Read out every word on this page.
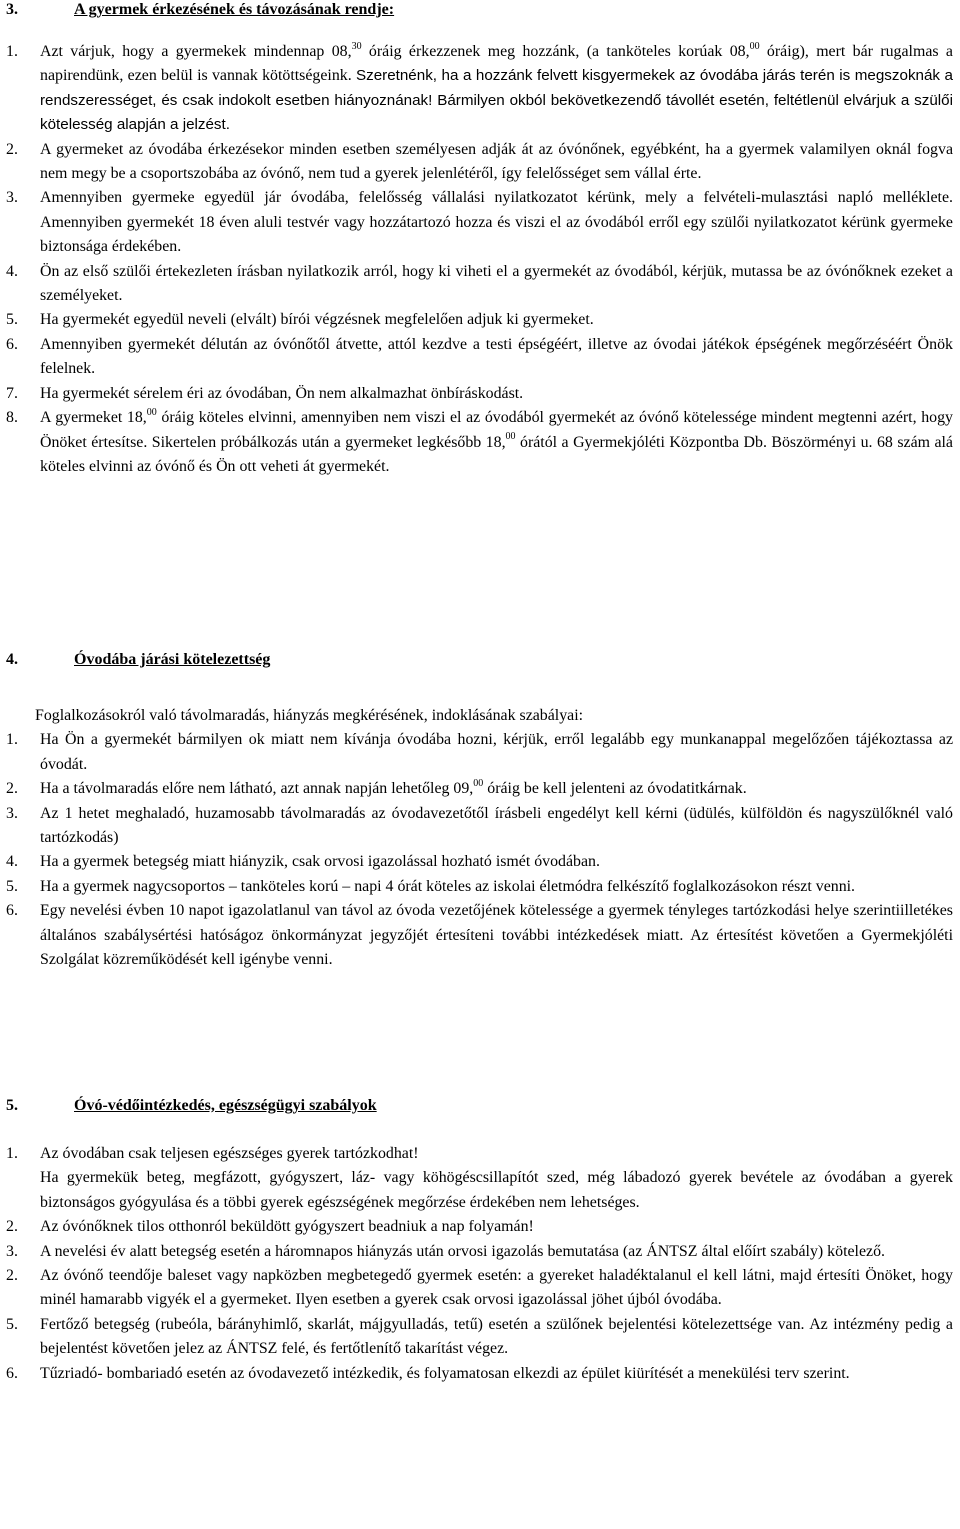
3.	A gyermek érkezésének és távozásának rendje:
1.	Azt várjuk, hogy a gyermekek mindennap 08,30 óráig érkezzenek meg hozzánk, (a tanköteles korúak 08,00 óráig), mert bár rugalmas a napirendünk, ezen belül is vannak kötöttségeink. Szeretnénk, ha a hozzánk felvett kisgyermekek az óvodába járás terén is megszoknák a rendszerességet, és csak indokolt esetben hiányoznának! Bármilyen okból bekövetkezendő távollét esetén, feltétlenül elvárjuk a szülői kötelesség alapján a jelzést.
2.	A gyermeket az óvodába érkezésekor minden esetben személyesen adják át az óvónőnek, egyébként, ha a gyermek valamilyen oknál fogva nem megy be a csoportszobába az óvónő, nem tud a gyerek jelenlétéről, így felelősséget sem vállal érte.
3.	Amennyiben gyermeke egyedül jár óvodába, felelősség vállalási nyilatkozatot kérünk, mely a felvételi-mulasztási napló melléklete. Amennyiben gyermekét 18 éven aluli testvér vagy hozzátartozó hozza és viszi el az óvodából erről egy szülői nyilatkozatot kérünk gyermeke biztonsága érdekében.
4.	Ön az első szülői értekezleten írásban nyilatkozik arról, hogy ki viheti el a gyermekét az óvodából, kérjük, mutassa be az óvónőknek ezeket a személyeket.
5.	Ha gyermekét egyedül neveli (elvált) bírói végzésnek megfelelően adjuk ki gyermeket.
6.	Amennyiben gyermekét délután az óvónőtől átvette, attól kezdve a testi épségéért, illetve az óvodai játékok épségének megőrzéséért Önök felelnek.
7.	Ha gyermekét sérelem éri az óvodában, Ön nem alkalmazhat önbíráskodást.
8.	A gyermeket 18,00 óráig köteles elvinni, amennyiben nem viszi el az óvodából gyermekét az óvónő kötelessége mindent megtenni azért, hogy Önöket értesítse. Sikertelen próbálkozás után a gyermeket legkésőbb 18,00 órától a Gyermekjóléti Központba Db. Böszörményi u. 68 szám alá köteles elvinni az óvónő és Ön ott veheti át gyermekét.
4.	Óvodába járási kötelezettség
Foglalkozásokról való távolmaradás, hiányzás megkérésének, indoklásának szabályai:
1.	Ha Ön a gyermekét bármilyen ok miatt nem kívánja óvodába hozni, kérjük, erről legalább egy munkanappal megelőzően tájékoztassa az óvodát.
2.	Ha a távolmaradás előre nem látható, azt annak napján lehetőleg 09,00 óráig be kell jelenteni az óvodatitkárnak.
3.	Az 1 hetet meghaladó, huzamosabb távolmaradás az óvodavezetőtől írásbeli engedélyt kell kérni (üdülés, külföldön és nagyszülőknél való tartózkodás)
4.	Ha a gyermek betegség miatt hiányzik, csak orvosi igazolással hozható ismét óvodában.
5.	Ha a gyermek nagycsoportos – tanköteles korú – napi 4 órát köteles az iskolai életmódra felkészítő foglalkozásokon részt venni.
6.	Egy nevelési évben 10 napot igazolatlanul van távol az óvoda vezetőjének kötelessége a gyermek tényleges tartózkodási helye szerintiilletékes általános szabálysértési hatóságoz önkormányzat jegyzőjét értesíteni további intézkedések miatt. Az értesítést követően a Gyermekjóléti Szolgálat közreműködését kell igénybe venni.
5.	Óvó-védőintézkedés, egészségügyi szabályok
1.	Az óvodában csak teljesen egészséges gyerek tartózkodhat!
Ha gyermekük beteg, megfázott, gyógyszert, láz- vagy köhögéscsillapítót szed, még lábadozó gyerek bevétele az óvodában a gyerek biztonságos gyógyulása és a többi gyerek egészségének megőrzése érdekében nem lehetséges.
2.	Az óvónőknek tilos otthonról beküldött gyógyszert beadniuk a nap folyamán!
3.	A nevelési év alatt betegség esetén a háromnapos hiányzás után orvosi igazolás bemutatása (az ÁNTSZ által előírt szabály) kötelező.
2.	Az óvónő teendője baleset vagy napközben megbetegedő gyermek esetén: a gyereket haladéktalanul el kell látni, majd értesíti Önöket, hogy minél hamarabb vigyék el a gyermeket. Ilyen esetben a gyerek csak orvosi igazolással jöhet újból óvodába.
5.	Fertőző betegség (rubeóla, bárányhimlő, skarlát, májgyulladás, tetű) esetén a szülőnek bejelentési kötelezettsége van. Az intézmény pedig a bejelentést követően jelez az ÁNTSZ felé, és fertőtlenítő takarítást végez.
6.	Tűzriadó- bombariadó esetén az óvodavezető intézkedik, és folyamatosan elkezdi az épület kiürítését a menekülési terv szerint.
